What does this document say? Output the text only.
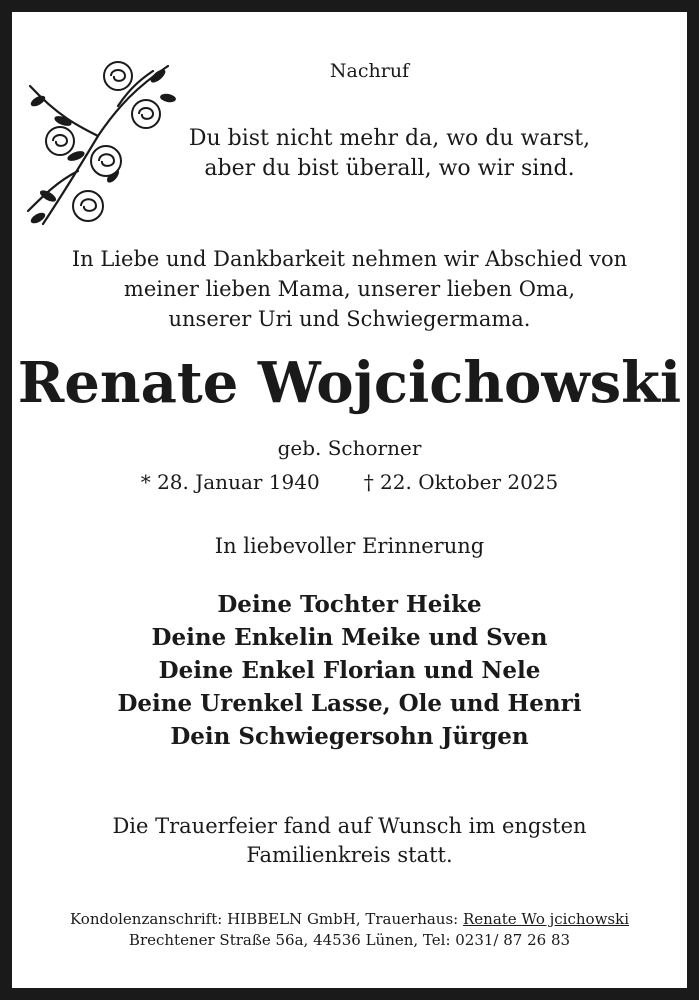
Nachruf
Du bist nicht mehr da, wo du warst,
aber du bist überall, wo wir sind.
In Liebe und Dankbarkeit nehmen wir Abschied von
meiner lieben Mama, unserer lieben Oma,
unserer Uri und Schwiegermama.
Renate Wojcichowski
geb. Schorner
* 28. Januar 1940 † 22. Oktober 2025
In liebevoller Erinnerung
Deine Tochter Heike
Deine Enkelin Meike und Sven
Deine Enkel Florian und Nele
Deine Urenkel Lasse, Ole und Henri
Dein Schwiegersohn Jürgen
Die Trauerfeier fand auf Wunsch im engsten
Familienkreis statt.
Kondolenzanschrift: HIBBELN GmbH, Trauerhaus: Renate Wo jcichowski
Brechtener Straße 56a, 44536 Lünen, Tel: 0231/ 87 26 83
